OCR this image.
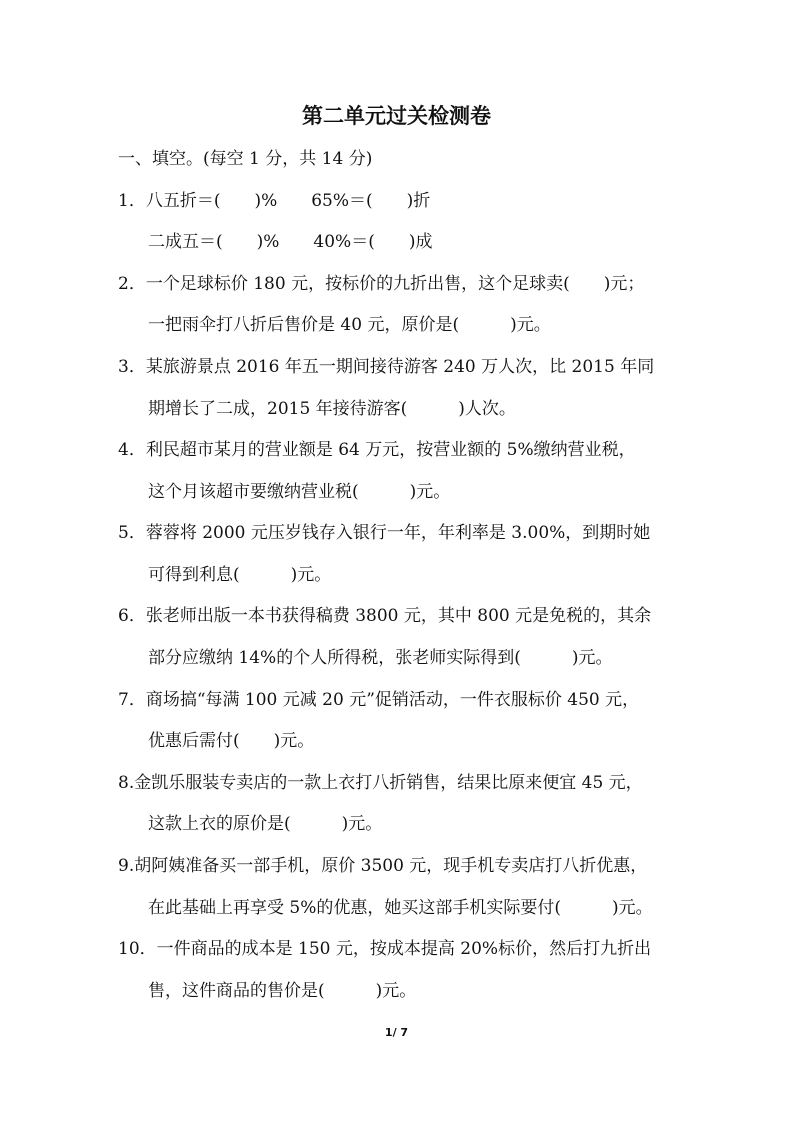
第二单元过关检测卷
一、填空。(每空 1 分，共 14 分)
1．八五折＝(　　)%　　65%＝(　　)折
二成五＝(　　)%　　40%＝(　　)成
2．一个足球标价 180 元，按标价的九折出售，这个足球卖(　　)元；
一把雨伞打八折后售价是 40 元，原价是(　　　)元。
3．某旅游景点 2016 年五一期间接待游客 240 万人次，比 2015 年同
期增长了二成，2015 年接待游客(　　　)人次。
4．利民超市某月的营业额是 64 万元，按营业额的 5%缴纳营业税，
这个月该超市要缴纳营业税(　　　)元。
5．蓉蓉将 2000 元压岁钱存入银行一年，年利率是 3.00%，到期时她
可得到利息(　　　)元。
6．张老师出版一本书获得稿费 3800 元，其中 800 元是免税的，其余
部分应缴纳 14%的个人所得税，张老师实际得到(　　　)元。
7．商场搞“每满 100 元减 20 元”促销活动，一件衣服标价 450 元，
优惠后需付(　　)元。
8.金凯乐服装专卖店的一款上衣打八折销售，结果比原来便宜 45 元，
这款上衣的原价是(　　　)元。
9.胡阿姨准备买一部手机，原价 3500 元，现手机专卖店打八折优惠，
在此基础上再享受 5%的优惠，她买这部手机实际要付(　　　)元。
10．一件商品的成本是 150 元，按成本提高 20%标价，然后打九折出
售，这件商品的售价是(　　　)元。
1/ 7
